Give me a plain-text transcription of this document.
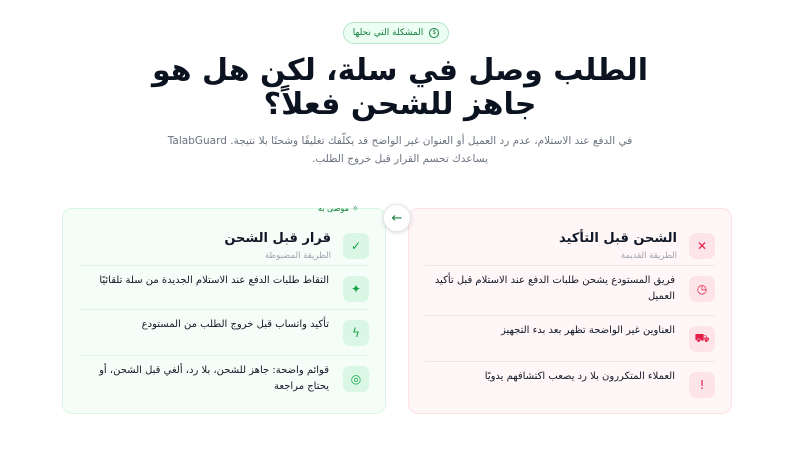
$
المشكلة التي نحلها
الطلب وصل في سلة، لكن هل هو جاهز للشحن فعلاً؟
في الدفع عند الاستلام، عدم رد العميل أو العنوان غير الواضح قد يكلّفك تغليفًا وشحنًا بلا نتيجة. TalabGuard يساعدك تحسم القرار قبل خروج الطلب.
✕
الشحن قبل التأكيد
الطريقة القديمة
◷
فريق المستودع يشحن طلبات الدفع عند الاستلام قبل تأكيد العميل
⛟
العناوين غير الواضحة تظهر بعد بدء التجهيز
!
العملاء المتكررون بلا رد يصعب اكتشافهم يدويًا
✓
قرار قبل الشحن
الطريقة المضبوطة
✦
التقاط طلبات الدفع عند الاستلام الجديدة من سلة تلقائيًا
ϟ
تأكيد واتساب قبل خروج الطلب من المستودع
◎
قوائم واضحة: جاهز للشحن، بلا رد، ألغي قبل الشحن، أو يحتاج مراجعة
✧
موصى به
←
